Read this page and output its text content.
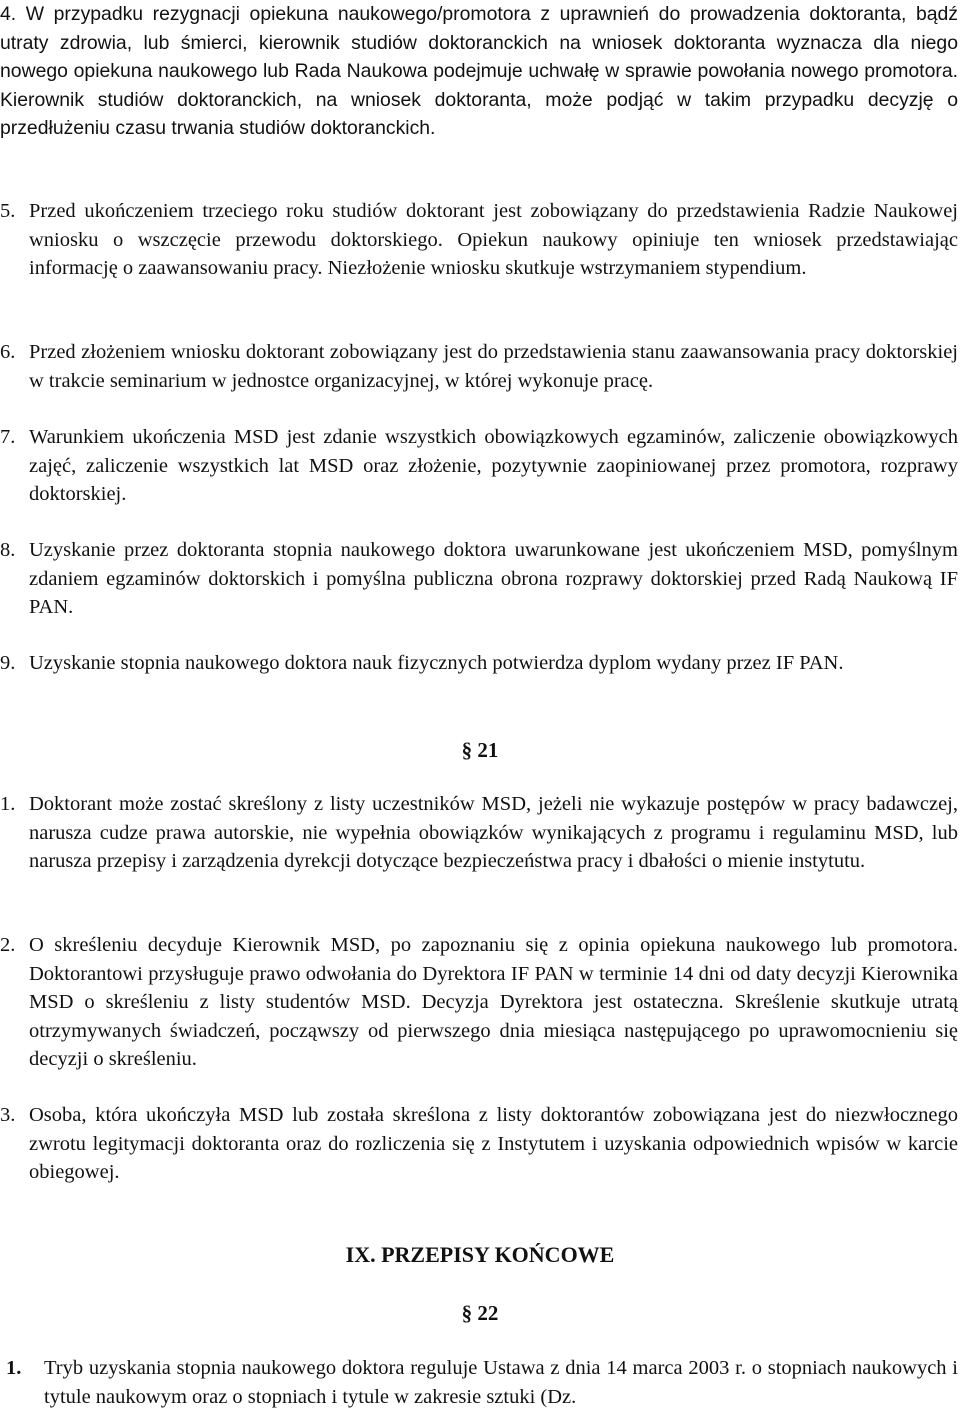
4. W przypadku rezygnacji opiekuna naukowego/promotora z uprawnień do prowadzenia doktoranta, bądź utraty zdrowia, lub śmierci, kierownik studiów doktoranckich na wniosek doktoranta wyznacza dla niego nowego opiekuna naukowego lub Rada Naukowa podejmuje uchwałę w sprawie powołania nowego promotora. Kierownik studiów doktoranckich, na wniosek doktoranta, może podjąć w takim przypadku decyzję o przedłużeniu czasu trwania studiów doktoranckich.
5. Przed ukończeniem trzeciego roku studiów doktorant jest zobowiązany do przedstawienia Radzie Naukowej wniosku o wszczęcie przewodu doktorskiego. Opiekun naukowy opiniuje ten wniosek przedstawiając informację o zaawansowaniu pracy. Niezłożenie wniosku skutkuje wstrzymaniem stypendium.
6. Przed złożeniem wniosku doktorant zobowiązany jest do przedstawienia stanu zaawansowania pracy doktorskiej w trakcie seminarium w jednostce organizacyjnej, w której wykonuje pracę.
7. Warunkiem ukończenia MSD jest zdanie wszystkich obowiązkowych egzaminów, zaliczenie obowiązkowych zajęć, zaliczenie wszystkich lat MSD oraz złożenie, pozytywnie zaopiniowanej przez promotora, rozprawy doktorskiej.
8. Uzyskanie przez doktoranta stopnia naukowego doktora uwarunkowane jest ukończeniem MSD, pomyślnym zdaniem egzaminów doktorskich i pomyślna publiczna obrona rozprawy doktorskiej przed Radą Naukową IF PAN.
9. Uzyskanie stopnia naukowego doktora nauk fizycznych potwierdza dyplom wydany przez IF PAN.
§ 21
1. Doktorant może zostać skreślony z listy uczestników MSD, jeżeli nie wykazuje postępów w pracy badawczej, narusza cudze prawa autorskie, nie wypełnia obowiązków wynikających z programu i regulaminu MSD, lub narusza przepisy i zarządzenia dyrekcji dotyczące bezpieczeństwa pracy i dbałości o mienie instytutu.
2. O skreśleniu decyduje Kierownik MSD, po zapoznaniu się z opinia opiekuna naukowego lub promotora. Doktorantowi przysługuje prawo odwołania do Dyrektora IF PAN w terminie 14 dni od daty decyzji Kierownika MSD o skreśleniu z listy studentów MSD. Decyzja Dyrektora jest ostateczna. Skreślenie skutkuje utratą otrzymywanych świadczeń, począwszy od pierwszego dnia miesiąca następującego po uprawomocnieniu się decyzji o skreśleniu.
3. Osoba, która ukończyła MSD lub została skreślona z listy doktorantów zobowiązana jest do niezwłocznego zwrotu legitymacji doktoranta oraz do rozliczenia się z Instytutem i uzyskania odpowiednich wpisów w karcie obiegowej.
IX. PRZEPISY KOŃCOWE
§ 22
1. Tryb uzyskania stopnia naukowego doktora reguluje Ustawa z dnia 14 marca 2003 r. o stopniach naukowych i tytule naukowym oraz o stopniach i tytule w zakresie sztuki (Dz.
